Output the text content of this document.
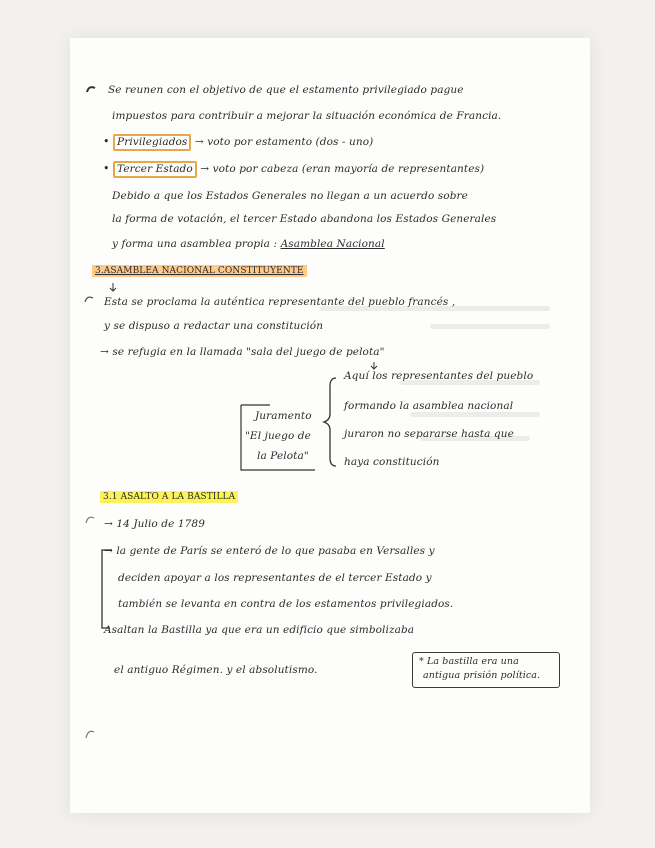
Se reunen con el objetivo de que el estamento privilegiado pague
impuestos para contribuir a mejorar la situación económica de Francia.
• Privilegiados → voto por estamento (dos - uno)
• Tercer Estado → voto por cabeza (eran mayoría de representantes)
Debido a que los Estados Generales no llegan a un acuerdo sobre
la forma de votación, el tercer Estado abandona los Estados Generales
y forma una asamblea propia : Asamblea Nacional
3.ASAMBLEA NACIONAL CONSTITUYENTE
Esta se proclama la auténtica representante del pueblo francés ,
y se dispuso a redactar una constitución
→ se refugia en la llamada "sala del juego de pelota"
Juramento
"El juego de
la Pelota"
Aquí los representantes del pueblo
formando la asamblea nacional
juraron no separarse hasta que
haya constitución
3.1 ASALTO A LA BASTILLA
→ 14 Julio de 1789
→ la gente de París se enteró de lo que pasaba en Versalles y
deciden apoyar a los representantes de el tercer Estado y
también se levanta en contra de los estamentos privilegiados.
Asaltan la Bastilla ya que era un edificio que simbolizaba
el antiguo Régimen. y el absolutismo.
* La bastilla era una
antigua prisión política.
